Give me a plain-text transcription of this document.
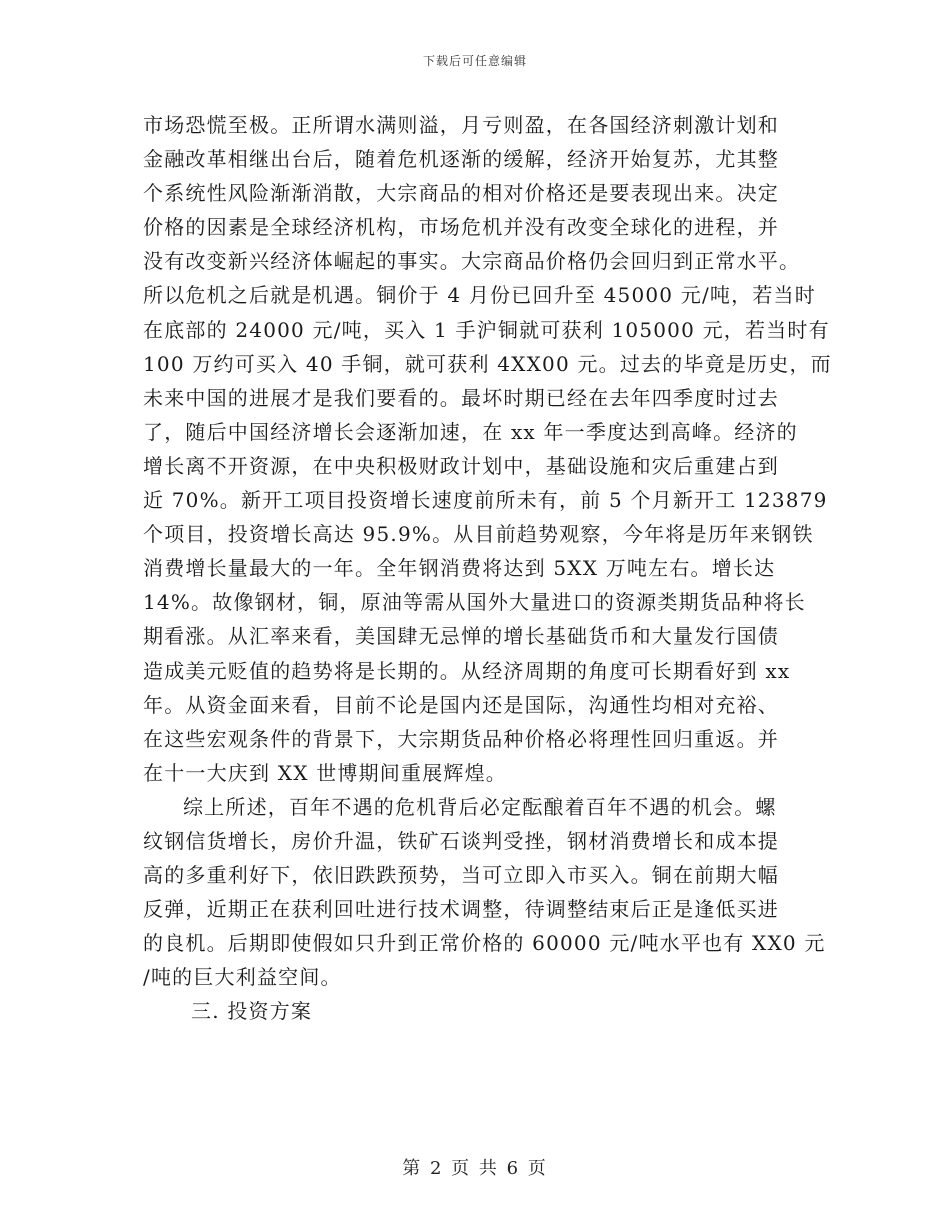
下载后可任意编辑
市场恐慌至极。正所谓水满则溢，月亏则盈，在各国经济刺激计划和
金融改革相继出台后，随着危机逐渐的缓解，经济开始复苏，尤其整
个系统性风险渐渐消散，大宗商品的相对价格还是要表现出来。决定
价格的因素是全球经济机构，市场危机并没有改变全球化的进程，并
没有改变新兴经济体崛起的事实。大宗商品价格仍会回归到正常水平。
所以危机之后就是机遇。铜价于 4 月份已回升至 45000 元/吨，若当时
在底部的 24000 元/吨，买入 1 手沪铜就可获利 105000 元，若当时有
100 万约可买入 40 手铜，就可获利 4XX00 元。过去的毕竟是历史，而
未来中国的进展才是我们要看的。最坏时期已经在去年四季度时过去
了，随后中国经济增长会逐渐加速，在 xx 年一季度达到高峰。经济的
增长离不开资源，在中央积极财政计划中，基础设施和灾后重建占到
近 70%。新开工项目投资增长速度前所未有，前 5 个月新开工 123879
个项目，投资增长高达 95.9%。从目前趋势观察，今年将是历年来钢铁
消费增长量最大的一年。全年钢消费将达到 5XX 万吨左右。增长达
14%。故像钢材，铜，原油等需从国外大量进口的资源类期货品种将长
期看涨。从汇率来看，美国肆无忌惮的增长基础货币和大量发行国债
造成美元贬值的趋势将是长期的。从经济周期的角度可长期看好到 xx
年。从资金面来看，目前不论是国内还是国际，沟通性均相对充裕、
在这些宏观条件的背景下，大宗期货品种价格必将理性回归重返。并
在十一大庆到 XX 世博期间重展辉煌。
综上所述，百年不遇的危机背后必定酝酿着百年不遇的机会。螺
纹钢信货增长，房价升温，铁矿石谈判受挫，钢材消费增长和成本提
高的多重利好下，依旧跌跌预势，当可立即入市买入。铜在前期大幅
反弹，近期正在获利回吐进行技术调整，待调整结束后正是逢低买进
的良机。后期即使假如只升到正常价格的 60000 元/吨水平也有 XX0 元
/吨的巨大利益空间。
三. 投资方案
第 2 页 共 6 页
